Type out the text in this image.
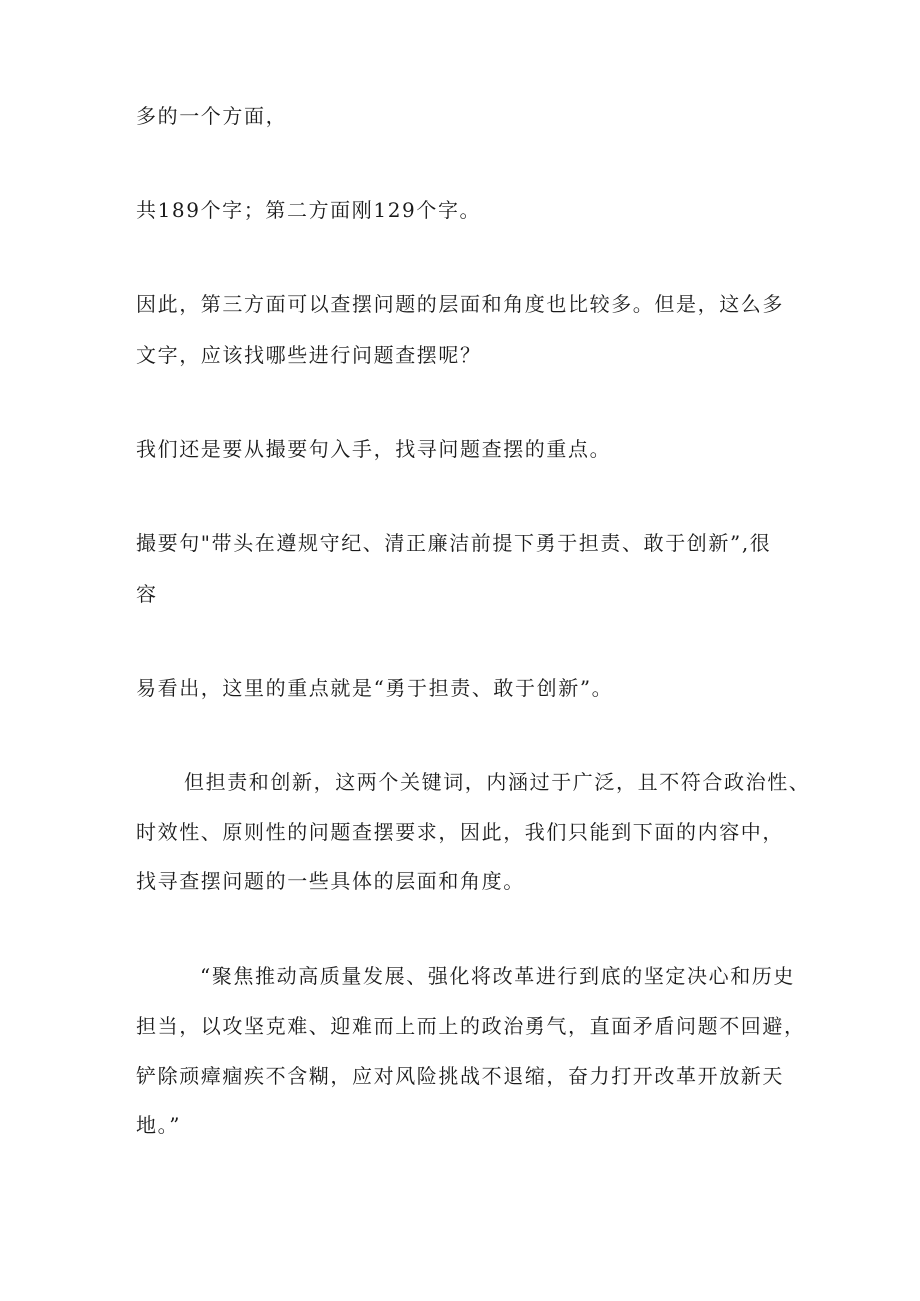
多的一个方面，
共189个字；第二方面刚129个字。
因此，第三方面可以查摆问题的层面和角度也比较多。但是，这么多
文字，应该找哪些进行问题查摆呢？
我们还是要从撮要句入手，找寻问题查摆的重点。
撮要句"带头在遵规守纪、清正廉洁前提下勇于担责、敢于创新”,很
容
易看出，这里的重点就是“勇于担责、敢于创新”。
但担责和创新，这两个关键词，内涵过于广泛，且不符合政治性、
时效性、原则性的问题查摆要求，因此，我们只能到下面的内容中，
找寻查摆问题的一些具体的层面和角度。
“聚焦推动高质量发展、强化将改革进行到底的坚定决心和历史
担当，以攻坚克难、迎难而上而上的政治勇气，直面矛盾问题不回避，
铲除顽瘴痼疾不含糊，应对风险挑战不退缩，奋力打开改革开放新天
地。”
